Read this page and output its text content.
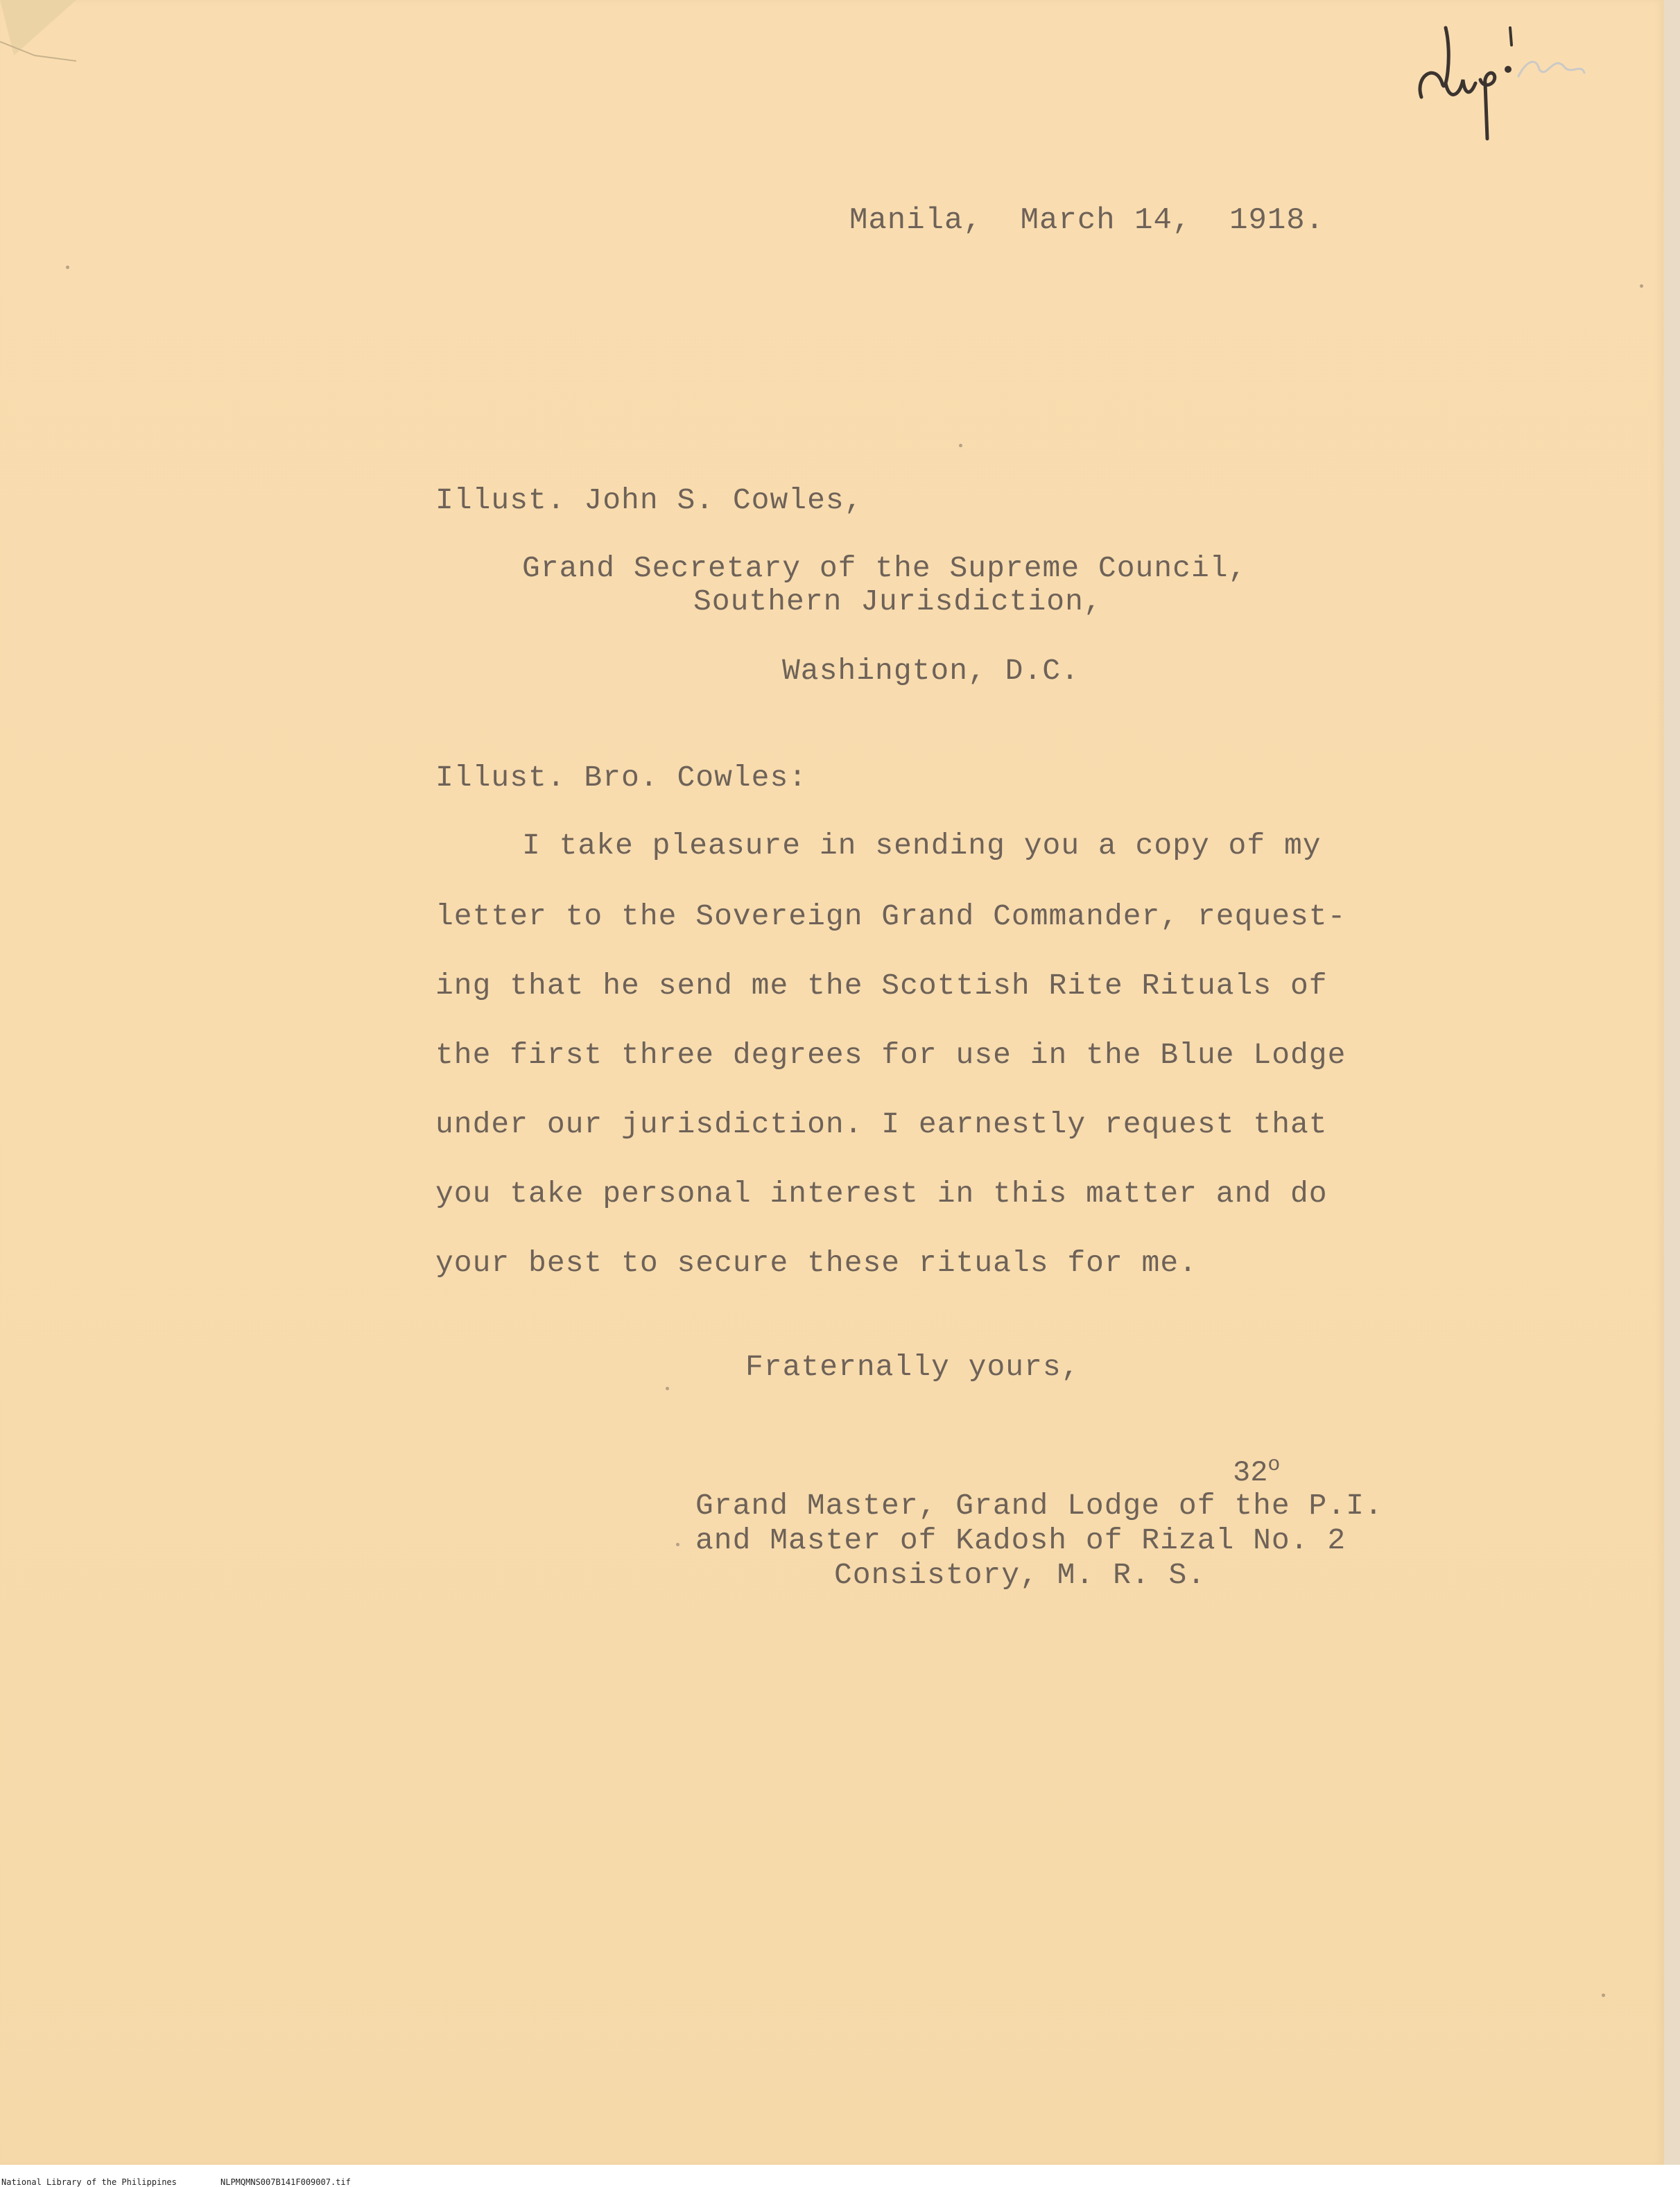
Manila,  March 14,  1918.
Illust. John S. Cowles,
Grand Secretary of the Supreme Council,
Southern Jurisdiction,
Washington, D.C.
Illust. Bro. Cowles:
I take pleasure in sending you a copy of my
letter to the Sovereign Grand Commander, request-
ing that he send me the Scottish Rite Rituals of
the first three degrees for use in the Blue Lodge
under our jurisdiction. I earnestly request that
you take personal interest in this matter and do
your best to secure these rituals for me.
Fraternally yours,
32$^o$
Grand Master, Grand Lodge of the P.I.
and Master of Kadosh of Rizal No. 2
Consistory, M. R. S.
National Library of the Philippines	NLPMQMNS007B141F009007.tif
